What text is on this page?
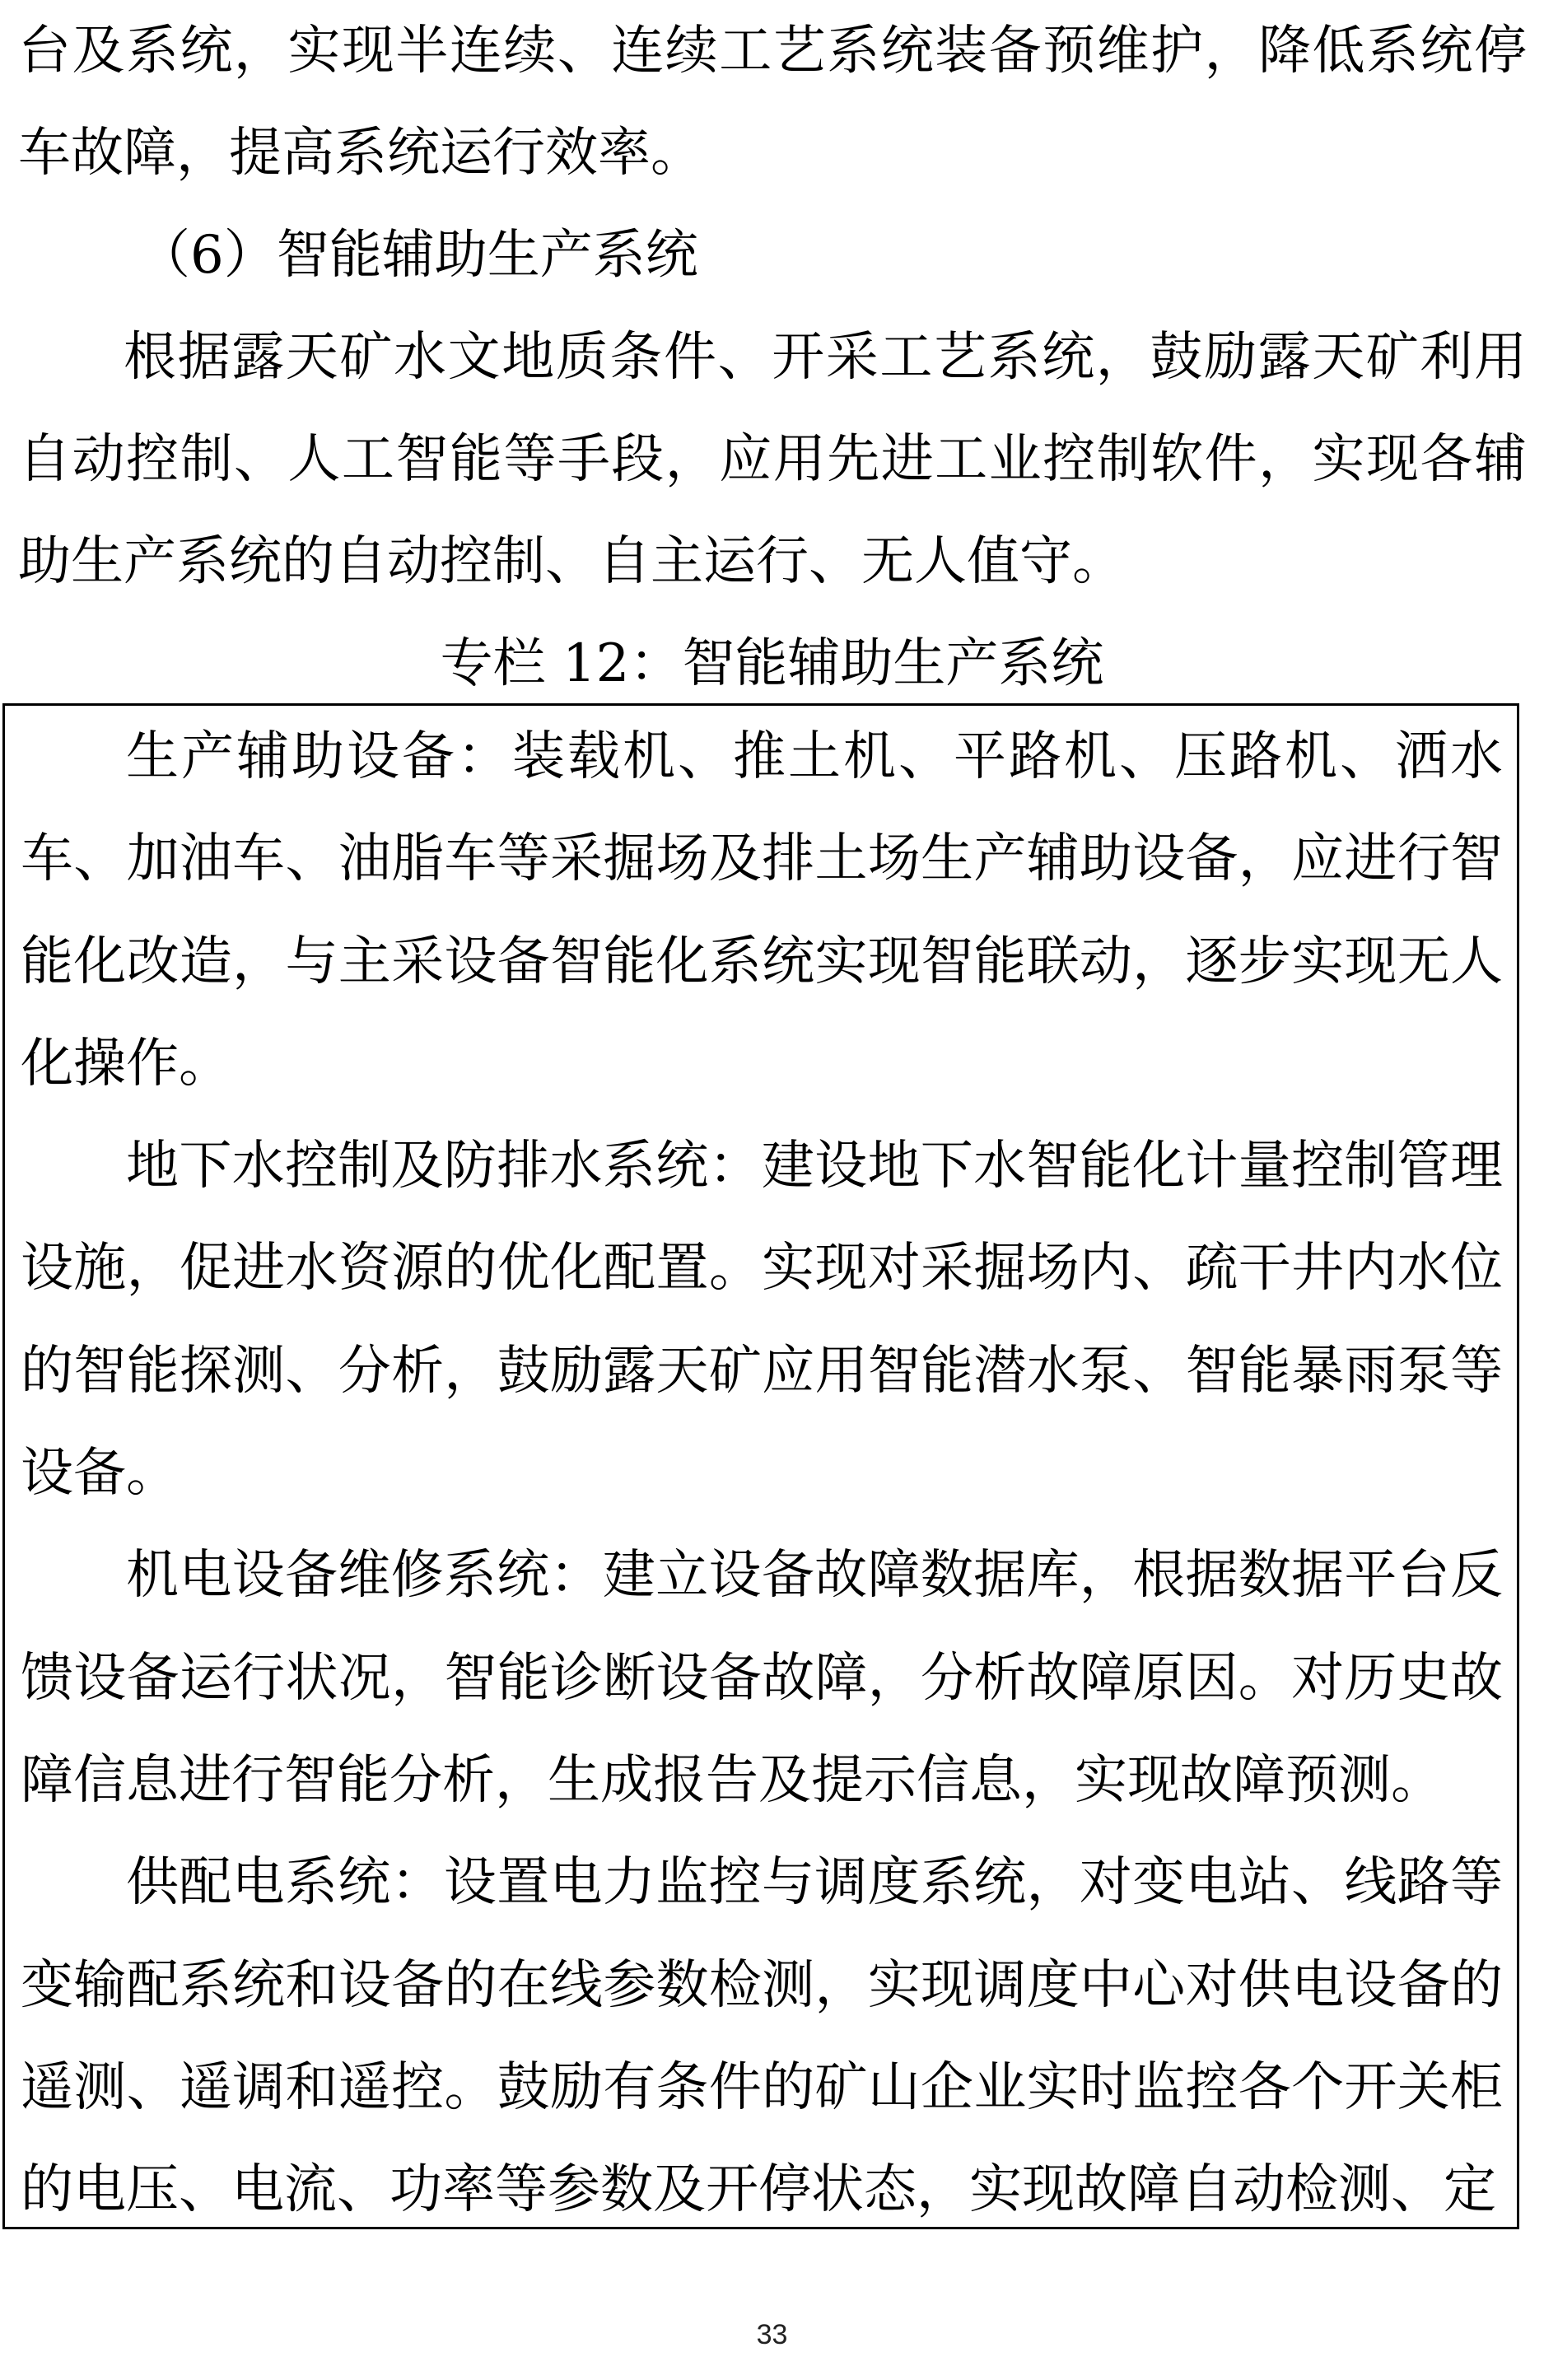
台及系统，实现半连续、连续工艺系统装备预维护，降低系统停车故障，提高系统运行效率。

（6）智能辅助生产系统

根据露天矿水文地质条件、开采工艺系统，鼓励露天矿利用自动控制、人工智能等手段，应用先进工业控制软件，实现各辅助生产系统的自动控制、自主运行、无人值守。

专栏 12：智能辅助生产系统

生产辅助设备：装载机、推土机、平路机、压路机、洒水车、加油车、油脂车等采掘场及排土场生产辅助设备，应进行智能化改造，与主采设备智能化系统实现智能联动，逐步实现无人化操作。

地下水控制及防排水系统：建设地下水智能化计量控制管理设施，促进水资源的优化配置。实现对采掘场内、疏干井内水位的智能探测、分析，鼓励露天矿应用智能潜水泵、智能暴雨泵等设备。

机电设备维修系统：建立设备故障数据库，根据数据平台反馈设备运行状况，智能诊断设备故障，分析故障原因。对历史故障信息进行智能分析，生成报告及提示信息，实现故障预测。

供配电系统：设置电力监控与调度系统，对变电站、线路等变输配系统和设备的在线参数检测，实现调度中心对供电设备的遥测、遥调和遥控。鼓励有条件的矿山企业实时监控各个开关柜的电压、电流、功率等参数及开停状态，实现故障自动检测、定

33
